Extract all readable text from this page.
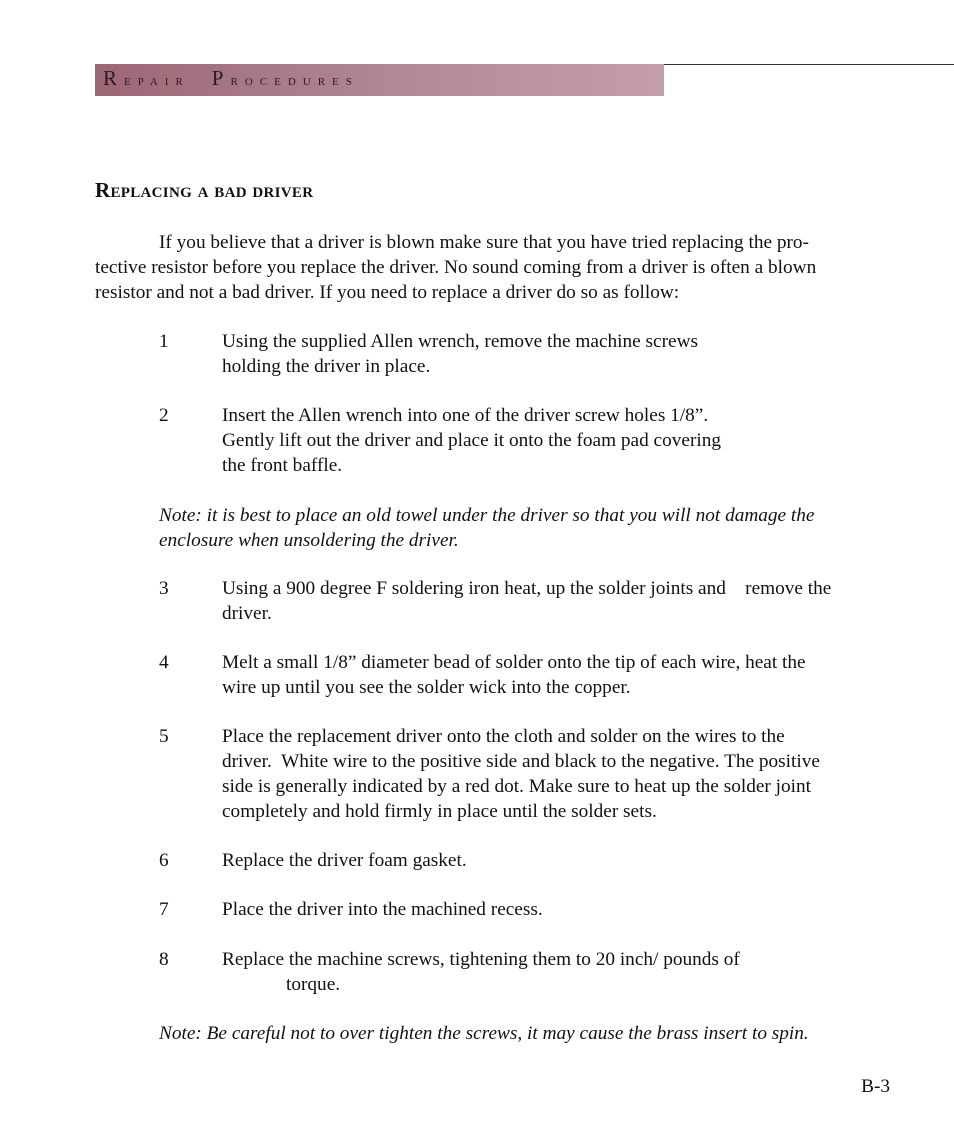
Repair Procedures
Replacing a bad driver
If you believe that a driver is blown make sure that you have tried replacing the pro-
tective resistor before you replace the driver. No sound coming from a driver is often a blown
resistor and not a bad driver. If you need to replace a driver do so as follow:
1	Using the supplied Allen wrench, remove the machine screws
holding the driver in place.
2	Insert the Allen wrench into one of the driver screw holes 1/8”.
Gently lift out the driver and place it onto the foam pad covering
the front baffle.
Note: it is best to place an old towel under the driver so that you will not damage the
enclosure when unsoldering the driver.
3	Using a 900 degree F soldering iron heat, up the solder joints and    remove the
driver.
4	Melt a small 1/8” diameter bead of solder onto the tip of each wire, heat the
wire up until you see the solder wick into the copper.
5	Place the replacement driver onto the cloth and solder on the wires to the
driver.  White wire to the positive side and black to the negative. The positive
side is generally indicated by a red dot. Make sure to heat up the solder joint
completely and hold firmly in place until the solder sets.
6	Replace the driver foam gasket.
7	Place the driver into the machined recess.
8	Replace the machine screws, tightening them to 20 inch/ pounds of
torque.
Note: Be careful not to over tighten the screws, it may cause the brass insert to spin.
B-3
